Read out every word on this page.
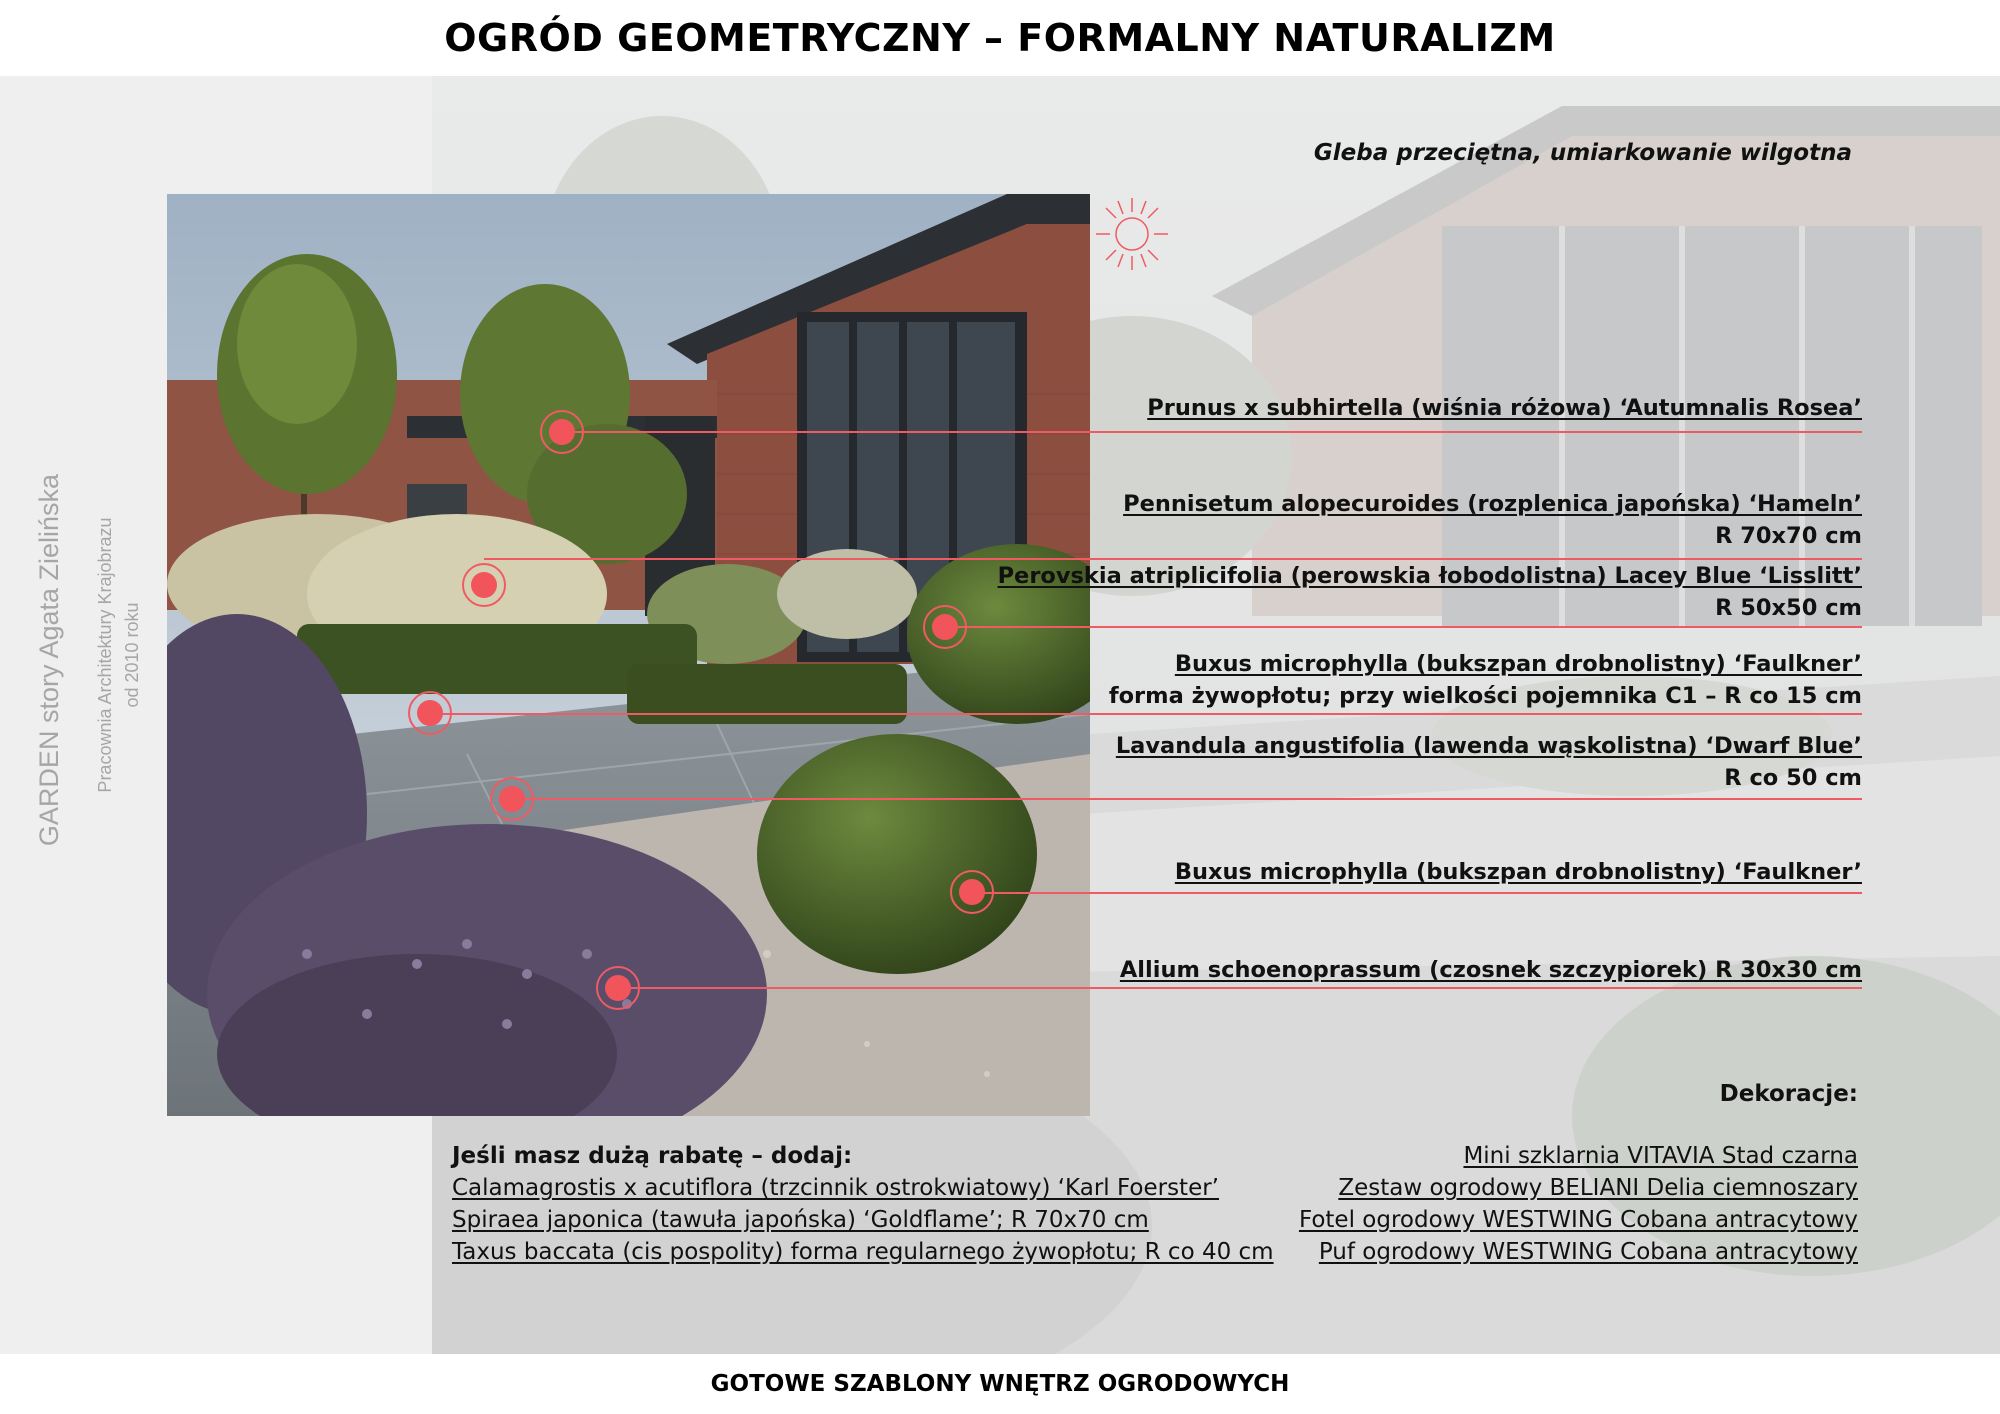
OGRÓD GEOMETRYCZNY – FORMALNY NATURALIZM
GARDEN story Agata Zielińska Pracownia Architektury Krajobrazu od 2010 roku
Gleba przeciętna, umiarkowanie wilgotna
Prunus x subhirtella (wiśnia różowa) ‘Autumnalis Rosea’
Pennisetum alopecuroides (rozplenica japońska) ‘Hameln’
R 70x70 cm
Perovskia atriplicifolia (perowskia łobodolistna) Lacey Blue ‘Lisslitt’
R 50x50 cm
Buxus microphylla (bukszpan drobnolistny) ‘Faulkner’
forma żywopłotu; przy wielkości pojemnika C1 – R co 15 cm
Lavandula angustifolia (lawenda wąskolistna) ‘Dwarf Blue’
R co 50 cm
Buxus microphylla (bukszpan drobnolistny) ‘Faulkner’
Allium schoenoprassum (czosnek szczypiorek) R 30x30 cm
Jeśli masz dużą rabatę – dodaj:
Calamagrostis x acutiflora (trzcinnik ostrokwiatowy) ‘Karl Foerster’
Spiraea japonica (tawuła japońska) ‘Goldflame’; R 70x70 cm
Taxus baccata (cis pospolity) forma regularnego żywopłotu; R co 40 cm
Dekoracje:
Mini szklarnia VITAVIA Stad czarna
Zestaw ogrodowy BELIANI Delia ciemnoszary
Fotel ogrodowy WESTWING Cobana antracytowy
Puf ogrodowy WESTWING Cobana antracytowy
GOTOWE SZABLONY WNĘTRZ OGRODOWYCH
